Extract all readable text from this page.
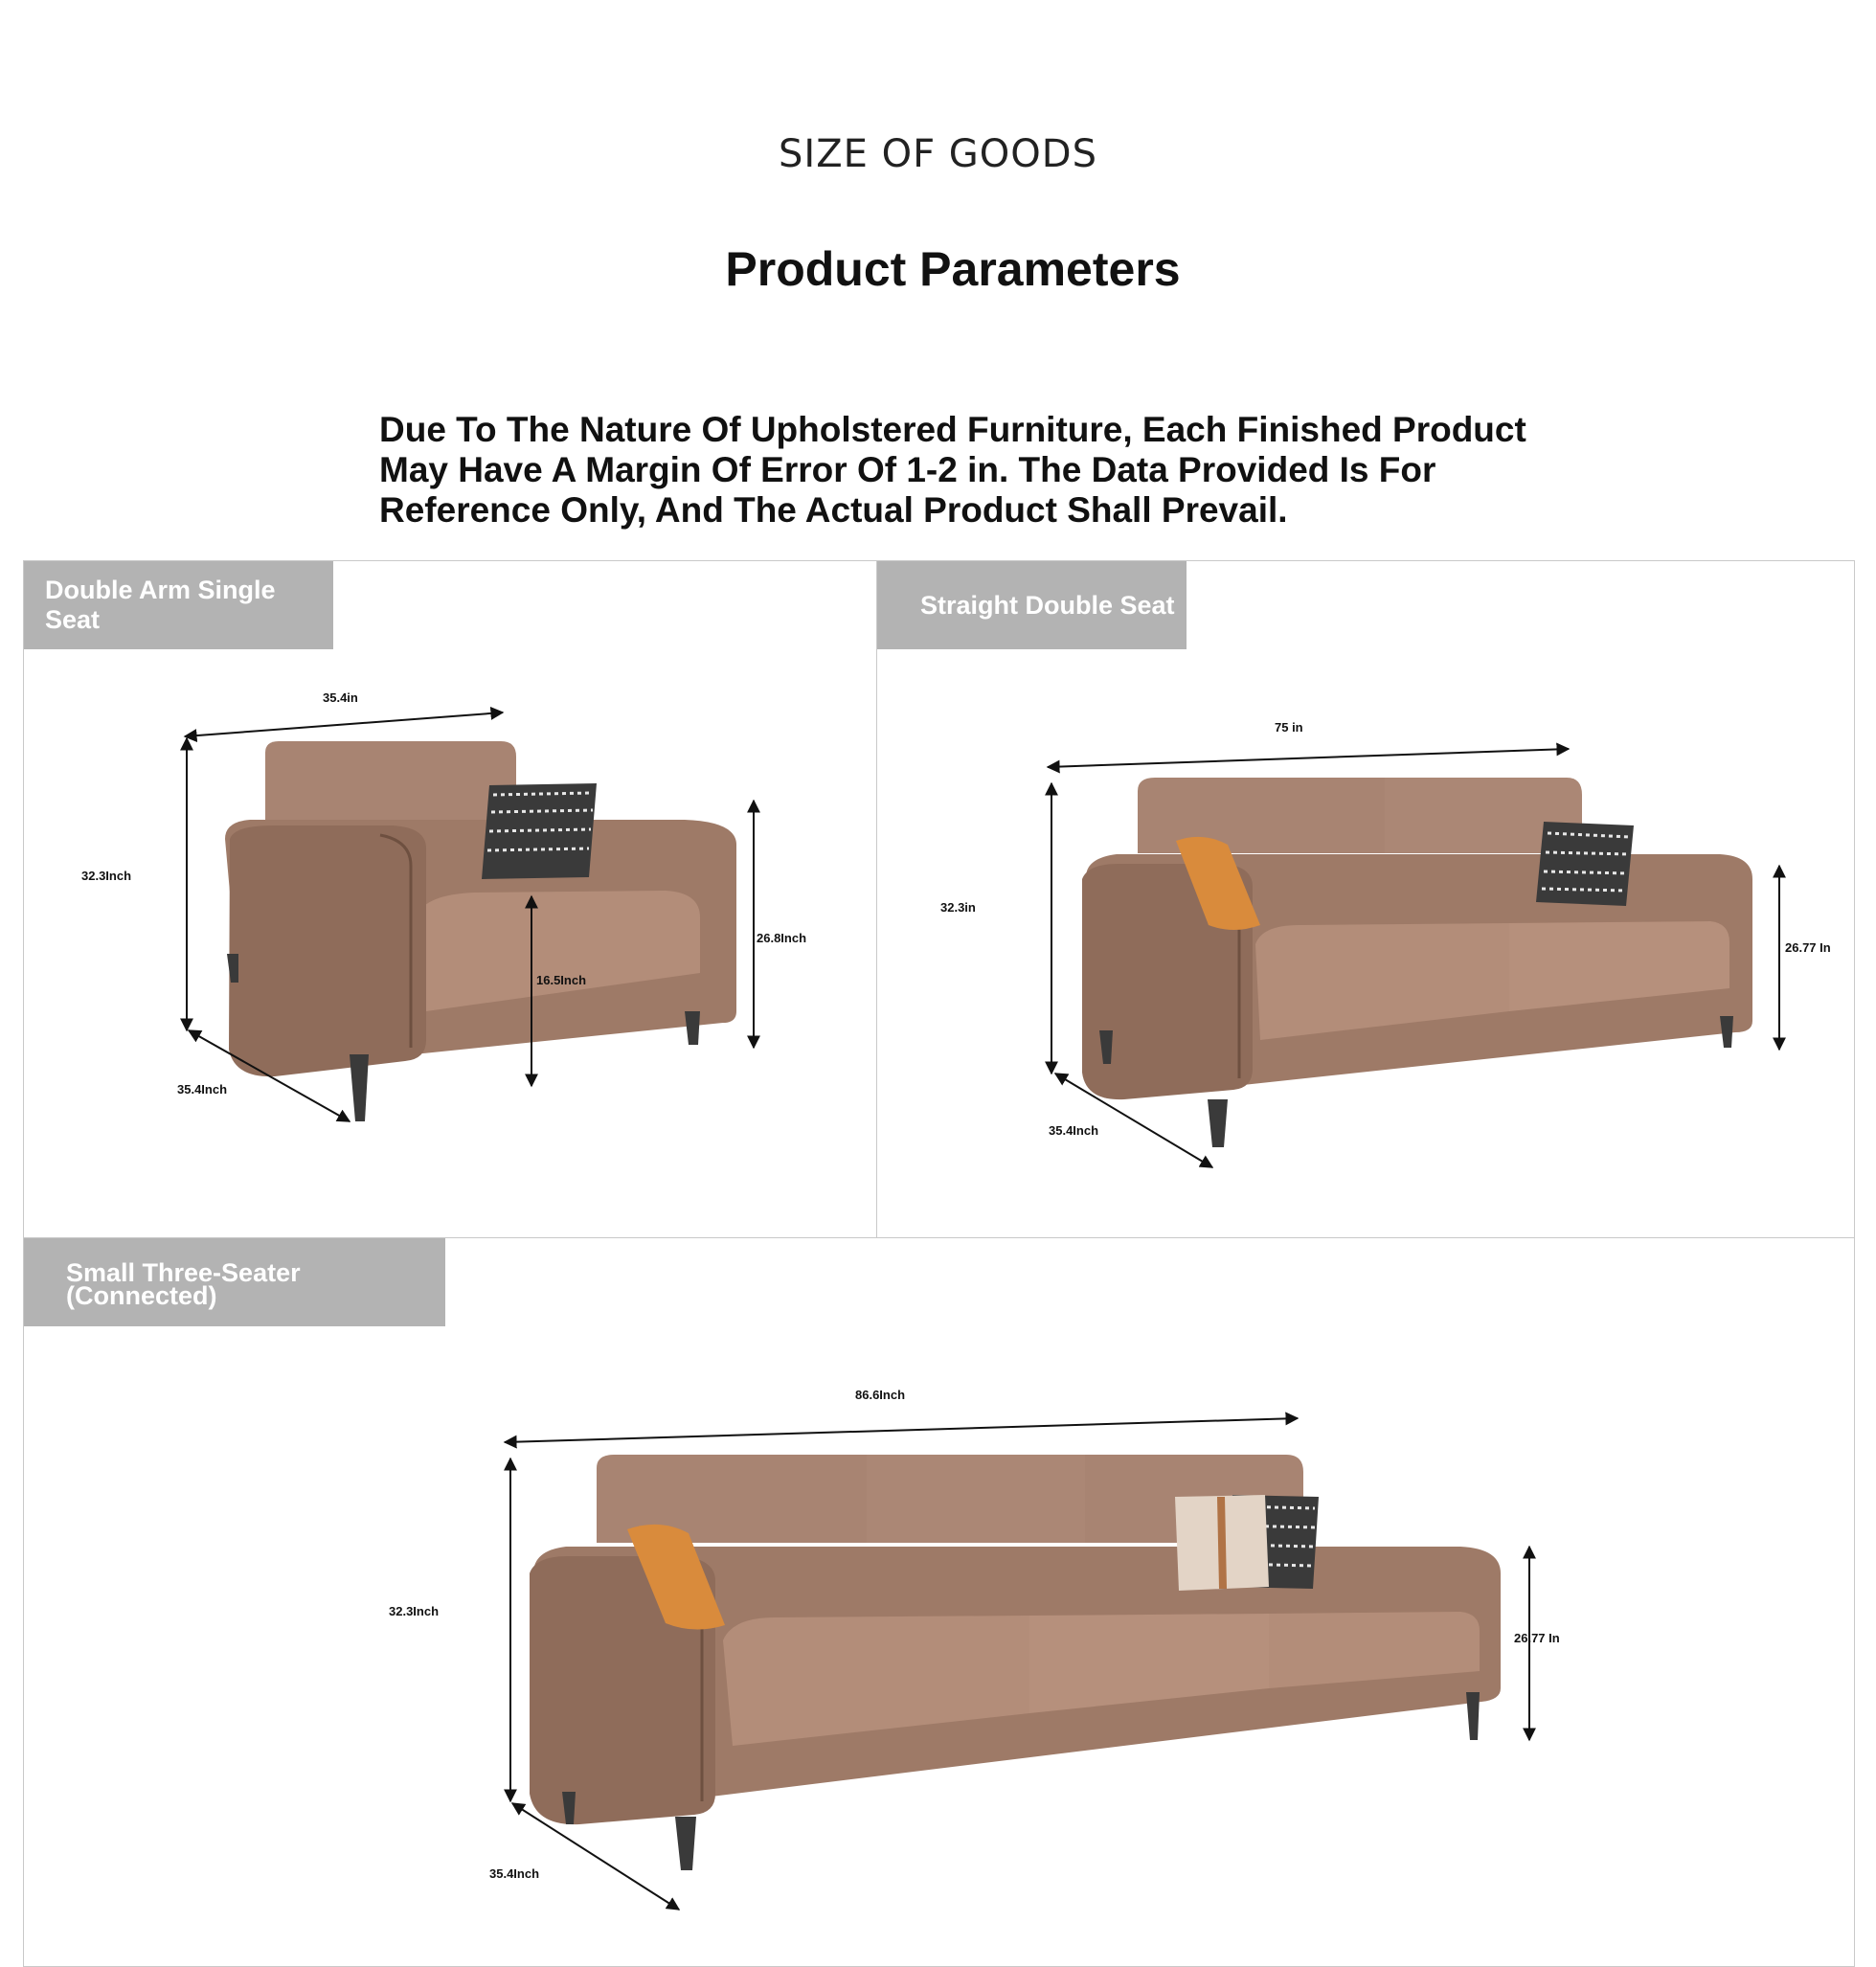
SIZE OF GOODS
Product Parameters
Due To The Nature Of Upholstered Furniture, Each Finished Product May Have A Margin Of Error Of 1-2 in. The Data Provided Is For Reference Only, And The Actual Product Shall Prevail.
35.4in
32.3Inch
26.8Inch
16.5Inch
35.4Inch
Double Arm Single Seat
75 in
32.3in
26.77 In
35.4Inch
Straight Double Seat
86.6Inch
32.3Inch
26.77 In
35.4Inch
Small Three-Seater
(Connected)
